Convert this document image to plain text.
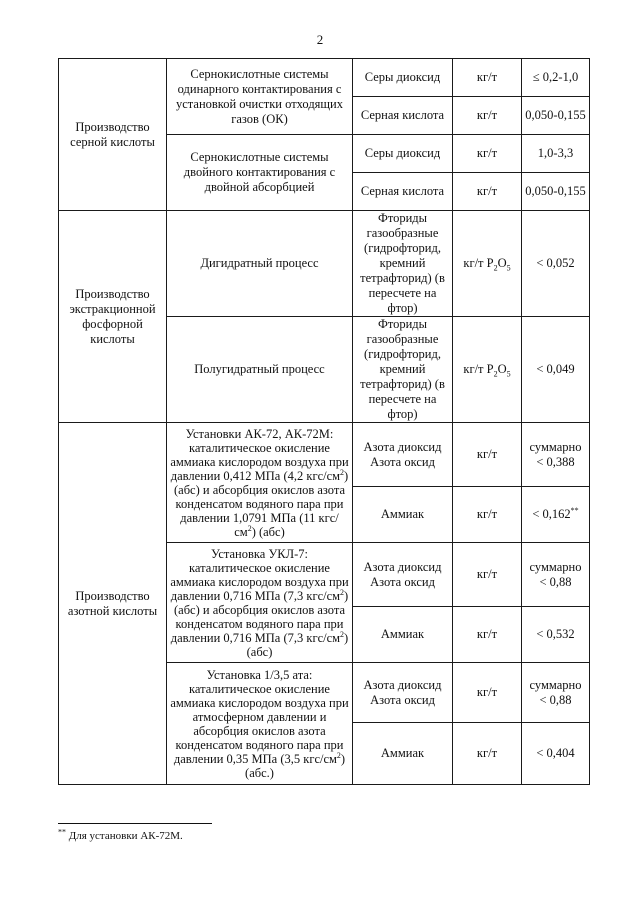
2
Производство серной кислоты	Сернокислотные системы одинарного контактирования с установкой очистки отходящих газов (ОК)	Серы диоксид	кг/т	≤ 0,2-1,0
		Серная кислота	кг/т	0,050-0,155
	Сернокислотные системы двойного контактирования с двойной абсорбцией	Серы диоксид	кг/т	1,0-3,3
		Серная кислота	кг/т	0,050-0,155
Производство экстракционной фосфорной кислоты	Дигидратный процесс	Фториды газообразные (гидрофторид, кремний тетрафторид) (в пересчете на фтор)	кг/т $P_2O_5$	< 0,052
	Полугидратный процесс	Фториды газообразные (гидрофторид, кремний тетрафторид) (в пересчете на фтор)	кг/т $P_2O_5$	< 0,049
Производство азотной кислоты	Установки АК-72, АК-72М: каталитическое окисление аммиака кислородом воздуха при давлении 0,412 МПа (4,2 кгс/$см^2$) (абс) и абсорбция окислов азота конденсатом водяного пара при давлении 1,0791 МПа (11 кгс/$см^2$) (абс)	Азота диоксид Азота оксид	кг/т	суммарно < 0,388
		Аммиак	кг/т	< 0,162**
	Установка УКЛ-7: каталитическое окисление аммиака кислородом воздуха при давлении 0,716 МПа (7,3 кгс/$см^2$) (абс) и абсорбция окислов азота конденсатом водяного пара при давлении 0,716 МПа (7,3 кгс/$см^2$) (абс)	Азота диоксид Азота оксид	кг/т	суммарно < 0,88
		Аммиак	кг/т	< 0,532
	Установка 1/3,5 ата: каталитическое окисление аммиака кислородом воздуха при атмосферном давлении и абсорбция окислов азота конденсатом водяного пара при давлении 0,35 МПа (3,5 кгс/$см^2$) (абс.)	Азота диоксид Азота оксид	кг/т	суммарно < 0,88
		Аммиак	кг/т	< 0,404
** Для установки АК-72М.
